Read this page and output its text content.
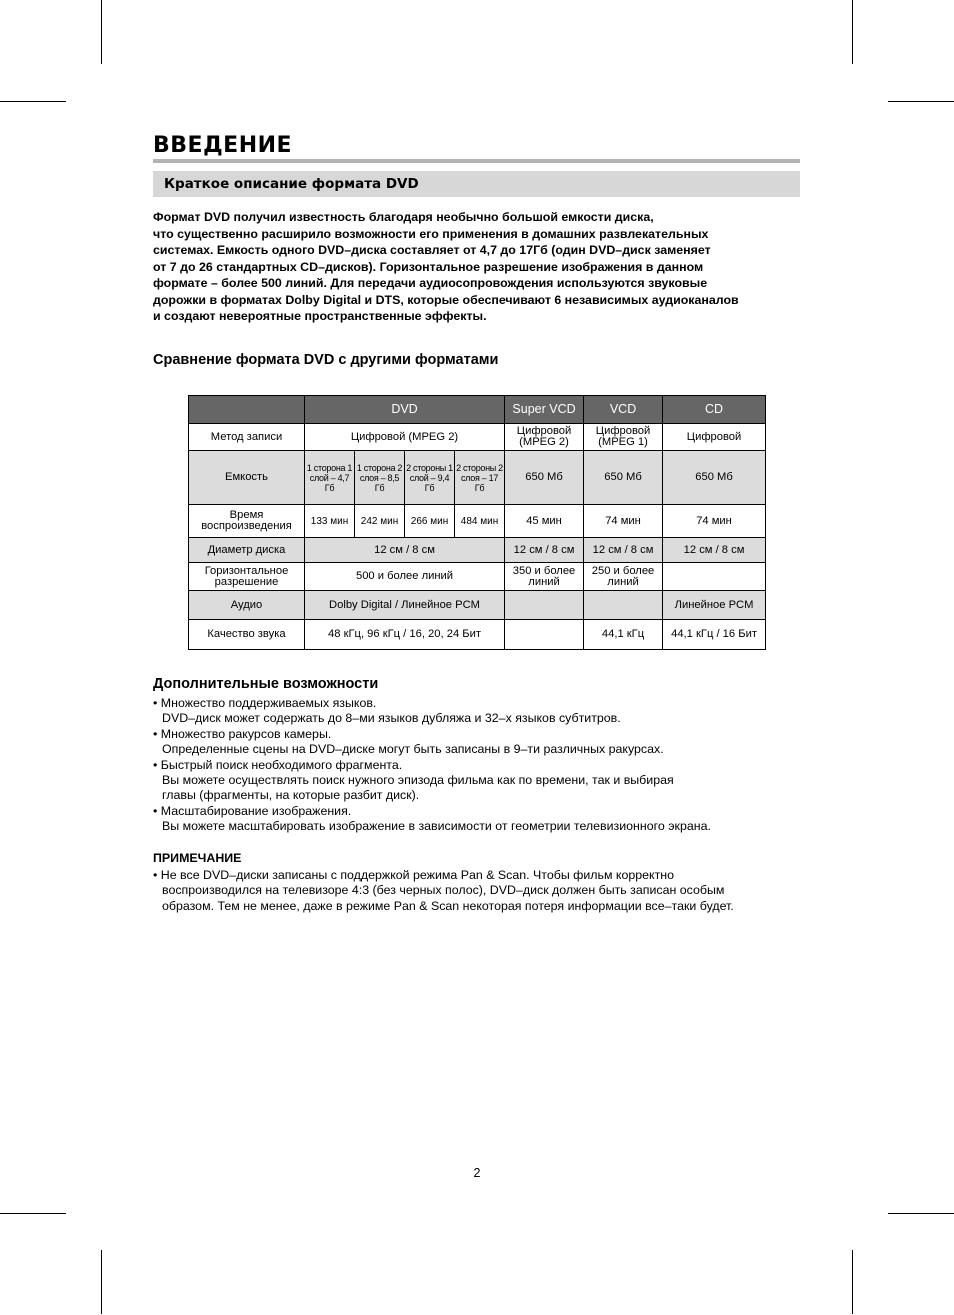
ВВЕДЕНИЕ
Краткое описание формата DVD
Формат DVD получил известность благодаря необычно большой емкости диска,
что существенно расширило возможности его применения в домашних развлекательных
системах. Емкость одного DVD–диска составляет от 4,7 до 17Гб (один DVD–диск заменяет
от 7 до 26 стандартных CD–дисков). Горизонтальное разрешение изображения в данном
формате – более 500 линий. Для передачи аудиосопровождения используются звуковые
дорожки в форматах Dolby Digital и DTS, которые обеспечивают 6 независимых аудиоканалов
и создают невероятные пространственные эффекты.
Сравнение формата DVD с другими форматами
	DVD				Super VCD	VCD	CD
Метод записи	Цифровой (MPEG 2)				Цифровой (MPEG 2)	Цифровой (MPEG 1)	Цифровой
Емкость	1 сторона 1 слой – 4,7 Гб	1 сторона 2 слоя – 8,5 Гб	2 стороны 1 слой – 9,4 Гб	2 стороны 2 слоя – 17 Гб	650 Мб	650 Мб	650 Мб
Время воспроизведения	133 мин	242 мин	266 мин	484 мин	45 мин	74 мин	74 мин
Диаметр диска	12 см / 8 см				12 см / 8 см	12 см / 8 см	12 см / 8 см
Горизонтальное разрешение	500 и более линий				350 и более линий	250 и более линий	
Аудио	Dolby Digital / Линейное PCM						Линейное PCM
Качество звука	48 кГц, 96 кГц / 16, 20, 24 Бит					44,1 кГц	44,1 кГц / 16 Бит
Дополнительные возможности
• Множество поддерживаемых языков.
DVD–диск может содержать до 8–ми языков дубляжа и 32–х языков субтитров.
• Множество ракурсов камеры.
Определенные сцены на DVD–диске могут быть записаны в 9–ти различных ракурсах.
• Быстрый поиск необходимого фрагмента.
Вы можете осуществлять поиск нужного эпизода фильма как по времени, так и выбирая
главы (фрагменты, на которые разбит диск).
• Масштабирование изображения.
Вы можете масштабировать изображение в зависимости от геометрии телевизионного экрана.
ПРИМЕЧАНИЕ
• Не все DVD–диски записаны с поддержкой режима Pan & Scan. Чтобы фильм корректно
воспроизводился на телевизоре 4:3 (без черных полос), DVD–диск должен быть записан особым
образом. Тем не менее, даже в режиме Pan & Scan некоторая потеря информации все–таки будет.
2
